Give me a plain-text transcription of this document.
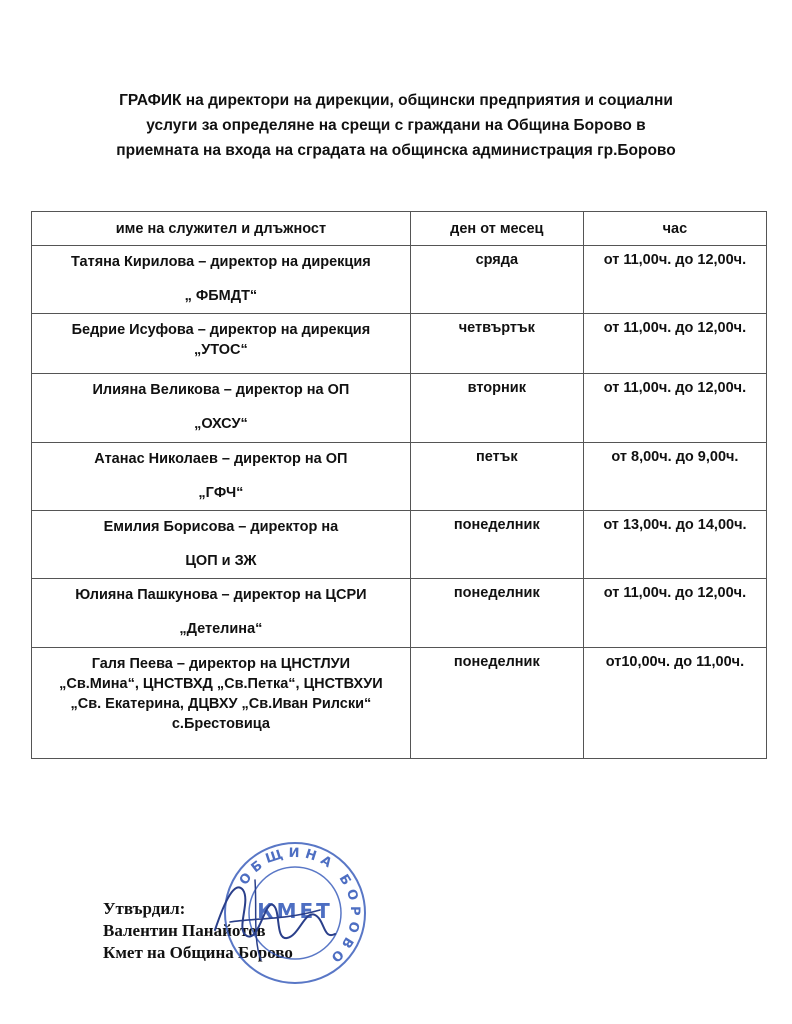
ГРАФИК на директори на дирекции, общински предприятия и социални
услуги за определяне на срещи с граждани на Община Борово в
приемната на входа на сградата на общинска администрация гр.Борово
име на служител и длъжност	ден от месец	час

Татяна Кирилова – директор на дирекция
„ ФБМДТ“	сряда	от 11,00ч. до 12,00ч.

Бедрие Исуфова – директор на дирекция
„УТОС“	четвъртък	от 11,00ч. до 12,00ч.

Илияна Великова – директор на ОП
„ОХСУ“	вторник	от 11,00ч. до 12,00ч.

Атанас Николаев – директор на ОП
„ГФЧ“	петък	от 8,00ч. до 9,00ч.

Емилия Борисова – директор на
ЦОП и ЗЖ	понеделник	от 13,00ч. до 14,00ч.

Юлияна Пашкунова – директор на ЦСРИ
„Детелина“	понеделник	от 11,00ч. до 12,00ч.

Галя Пеева – директор на ЦНСТЛУИ
„Св.Мина“, ЦНСТВХД „Св.Петка“, ЦНСТВХУИ
„Св. Екатерина, ДЦВХУ „Св.Иван Рилски“
с.Брестовица	понеделник	от10,00ч. до 11,00ч.
Утвърдил:
Валентин Панайотов
Кмет на Община Борово
ОБЩИНА БОРОВО
КМЕТ
